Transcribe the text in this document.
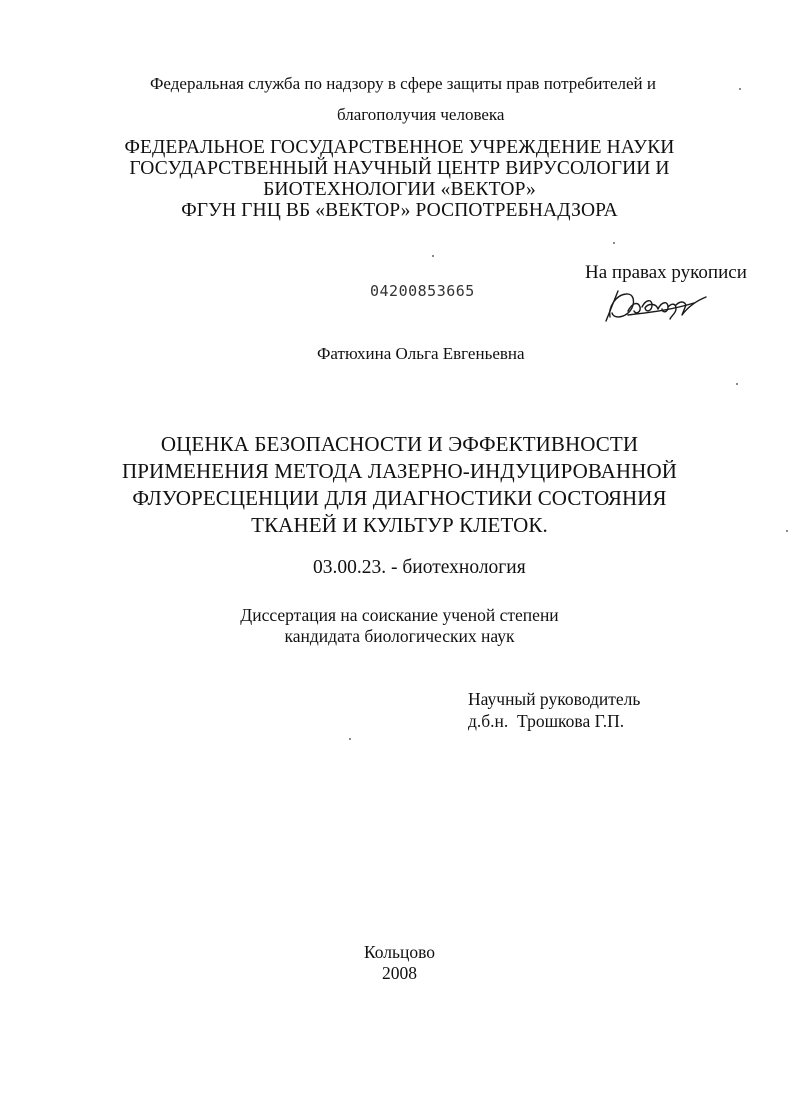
Федеральная служба по надзору в сфере защиты прав потребителей и
благополучия человека
ФЕДЕРАЛЬНОЕ ГОСУДАРСТВЕННОЕ УЧРЕЖДЕНИЕ НАУКИ
ГОСУДАРСТВЕННЫЙ НАУЧНЫЙ ЦЕНТР ВИРУСОЛОГИИ И
БИОТЕХНОЛОГИИ «ВЕКТОР»
ФГУН ГНЦ ВБ «ВЕКТОР» РОСПОТРЕБНАДЗОРА
На правах рукописи
04200853665
Фатюхина Ольга Евгеньевна
ОЦЕНКА БЕЗОПАСНОСТИ И ЭФФЕКТИВНОСТИ
ПРИМЕНЕНИЯ МЕТОДА ЛАЗЕРНО-ИНДУЦИРОВАННОЙ
ФЛУОРЕСЦЕНЦИИ ДЛЯ ДИАГНОСТИКИ СОСТОЯНИЯ
ТКАНЕЙ И КУЛЬТУР КЛЕТОК.
03.00.23. - биотехнология
Диссертация на соискание ученой степени
кандидата биологических наук
Научный руководитель
д.б.н.  Трошкова Г.П.
Кольцово
2008
